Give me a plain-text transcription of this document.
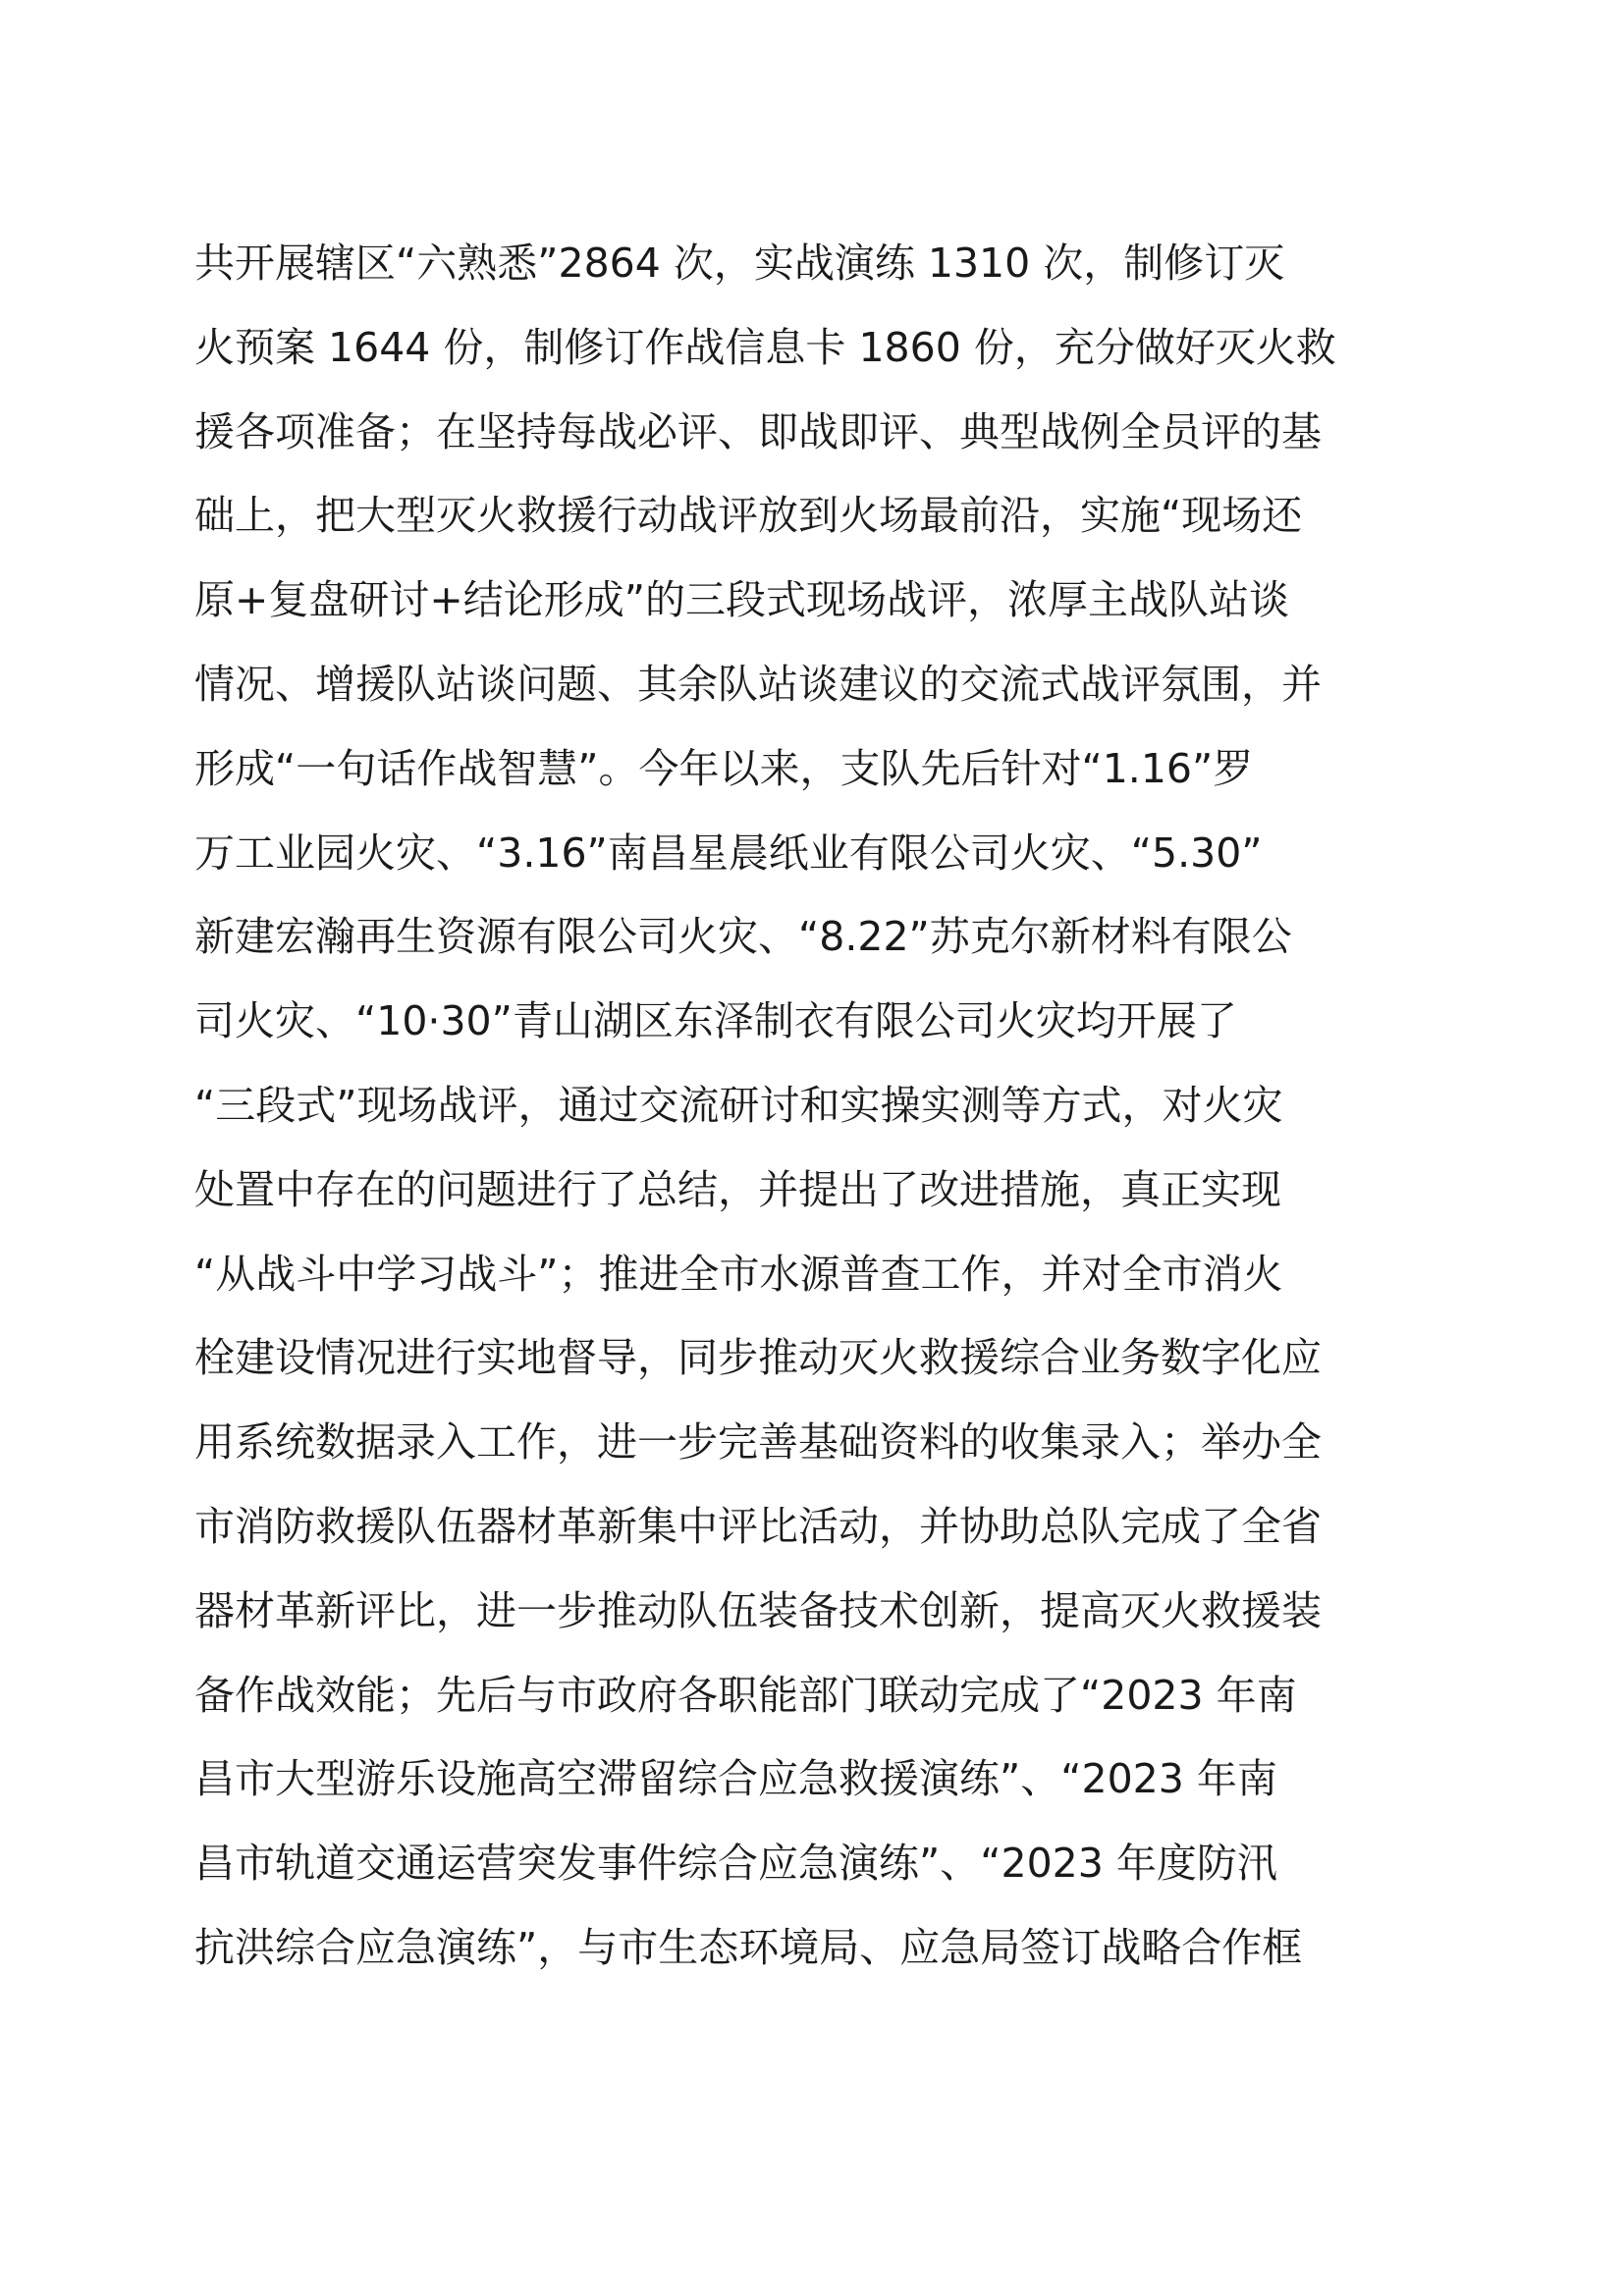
共开展辖区“六熟悉”2864 次，实战演练 1310 次，制修订灭
火预案 1644 份，制修订作战信息卡 1860 份，充分做好灭火救
援各项准备；在坚持每战必评、即战即评、典型战例全员评的基
础上，把大型灭火救援行动战评放到火场最前沿，实施“现场还
原+复盘研讨+结论形成”的三段式现场战评，浓厚主战队站谈
情况、增援队站谈问题、其余队站谈建议的交流式战评氛围，并
形成“一句话作战智慧”。今年以来，支队先后针对“1.16”罗
万工业园火灾、“3.16”南昌星晨纸业有限公司火灾、“5.30”
新建宏瀚再生资源有限公司火灾、“8.22”苏克尔新材料有限公
司火灾、“10·30”青山湖区东泽制衣有限公司火灾均开展了
“三段式”现场战评，通过交流研讨和实操实测等方式，对火灾
处置中存在的问题进行了总结，并提出了改进措施，真正实现
“从战斗中学习战斗”；推进全市水源普查工作，并对全市消火
栓建设情况进行实地督导，同步推动灭火救援综合业务数字化应
用系统数据录入工作，进一步完善基础资料的收集录入；举办全
市消防救援队伍器材革新集中评比活动，并协助总队完成了全省
器材革新评比，进一步推动队伍装备技术创新，提高灭火救援装
备作战效能；先后与市政府各职能部门联动完成了“2023 年南
昌市大型游乐设施高空滞留综合应急救援演练”、“2023 年南
昌市轨道交通运营突发事件综合应急演练”、“2023 年度防汛
抗洪综合应急演练”，与市生态环境局、应急局签订战略合作框
